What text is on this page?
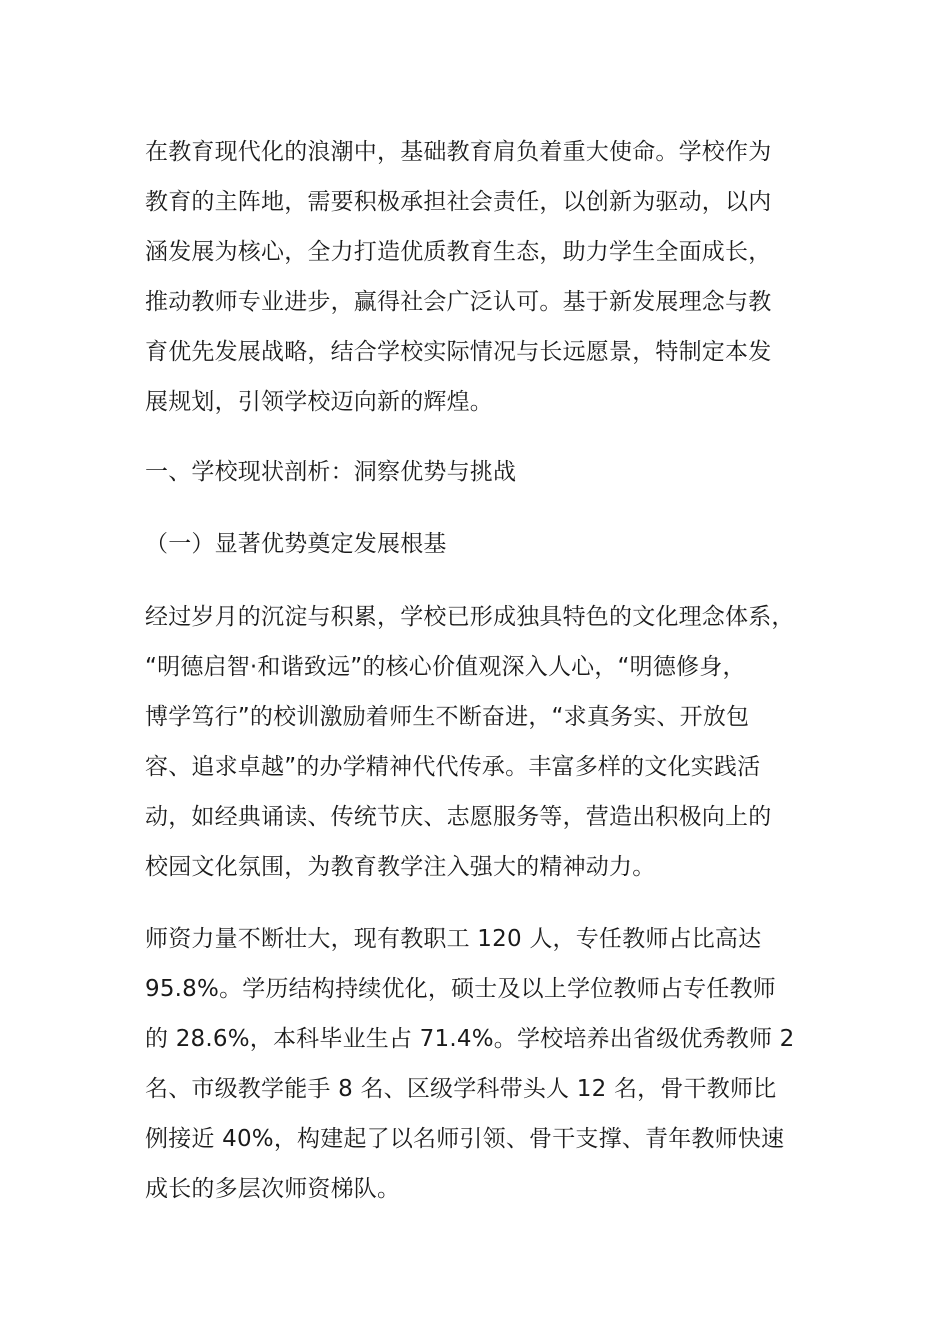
在教育现代化的浪潮中，基础教育肩负着重大使命。学校作为
教育的主阵地，需要积极承担社会责任，以创新为驱动，以内
涵发展为核心，全力打造优质教育生态，助力学生全面成长，
推动教师专业进步，赢得社会广泛认可。基于新发展理念与教
育优先发展战略，结合学校实际情况与长远愿景，特制定本发
展规划，引领学校迈向新的辉煌。
一、学校现状剖析：洞察优势与挑战
（一）显著优势奠定发展根基
经过岁月的沉淀与积累，学校已形成独具特色的文化理念体系，
“明德启智·和谐致远”的核心价值观深入人心，“明德修身，
博学笃行”的校训激励着师生不断奋进，“求真务实、开放包
容、追求卓越”的办学精神代代传承。丰富多样的文化实践活
动，如经典诵读、传统节庆、志愿服务等，营造出积极向上的
校园文化氛围，为教育教学注入强大的精神动力。
师资力量不断壮大，现有教职工 120 人，专任教师占比高达
95.8%。学历结构持续优化，硕士及以上学位教师占专任教师
的 28.6%，本科毕业生占 71.4%。学校培养出省级优秀教师 2
名、市级教学能手 8 名、区级学科带头人 12 名，骨干教师比
例接近 40%，构建起了以名师引领、骨干支撑、青年教师快速
成长的多层次师资梯队。
